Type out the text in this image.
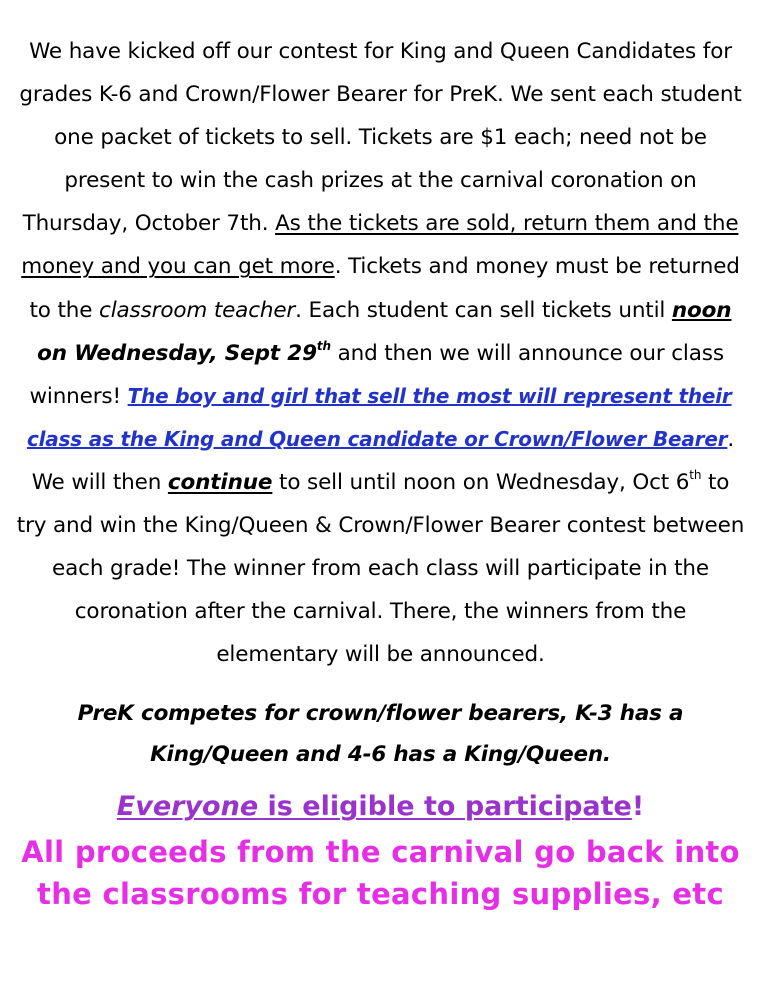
We have kicked off our contest for King and Queen Candidates for grades K-6 and Crown/Flower Bearer for PreK. We sent each student one packet of tickets to sell. Tickets are $1 each; need not be present to win the cash prizes at the carnival coronation on Thursday, October 7th. As the tickets are sold, return them and the money and you can get more. Tickets and money must be returned to the classroom teacher. Each student can sell tickets until noon on Wednesday, Sept 29th and then we will announce our class winners! The boy and girl that sell the most will represent their class as the King and Queen candidate or Crown/Flower Bearer. We will then continue to sell until noon on Wednesday, Oct 6th to try and win the King/Queen & Crown/Flower Bearer contest between each grade! The winner from each class will participate in the coronation after the carnival. There, the winners from the elementary will be announced.

PreK competes for crown/flower bearers, K-3 has a King/Queen and 4-6 has a King/Queen.

Everyone is eligible to participate!

All proceeds from the carnival go back into the classrooms for teaching supplies, etc
